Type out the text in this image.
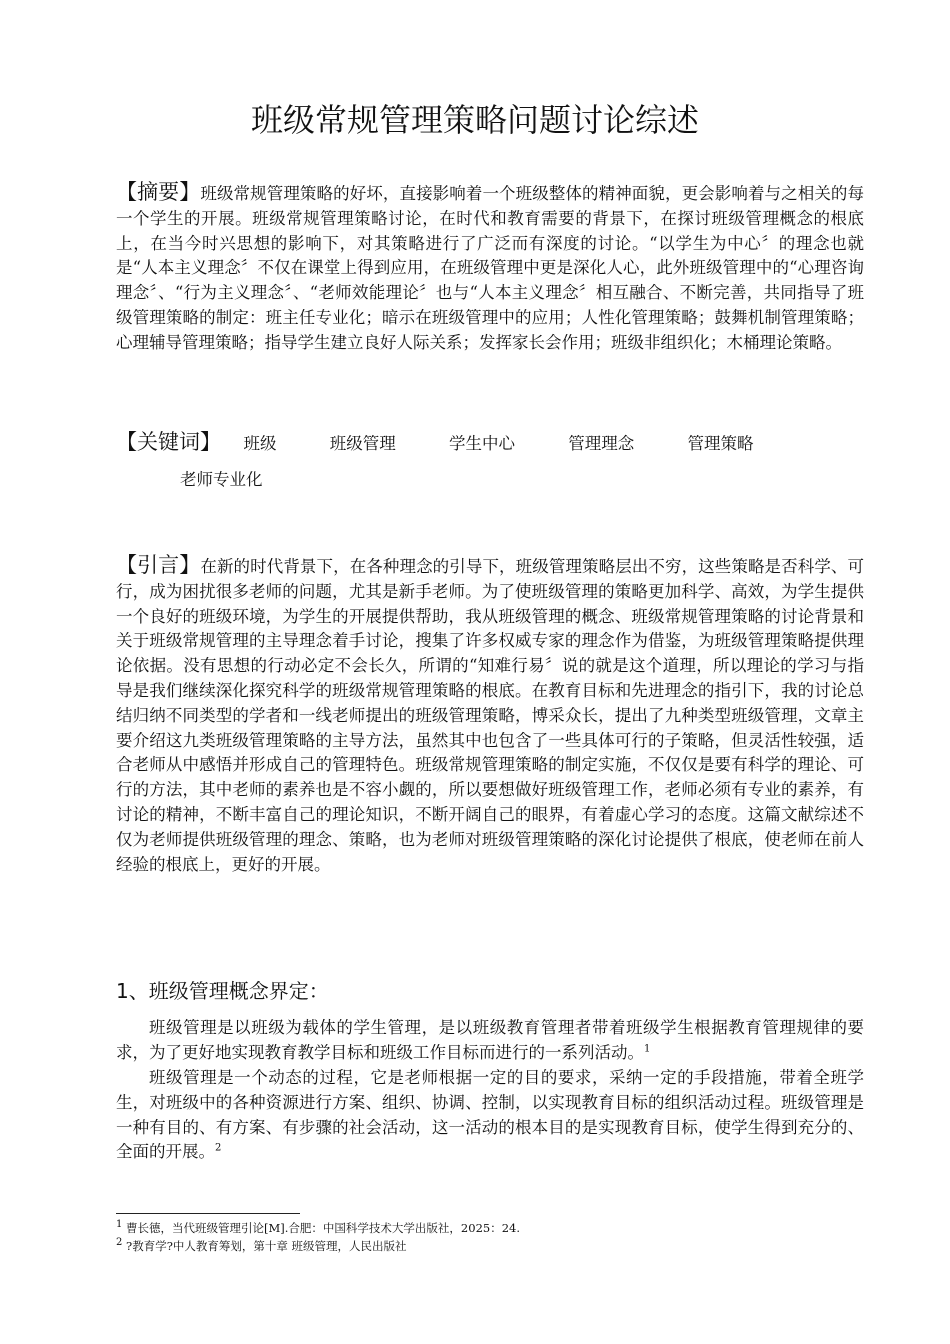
班级常规管理策略问题讨论综述
【摘要】班级常规管理策略的好坏，直接影响着一个班级整体的精神面貌，更会影响着与之相关的每一个学生的开展。班级常规管理策略讨论，在时代和教育需要的背景下，在探讨班级管理概念的根底上，在当今时兴思想的影响下，对其策略进行了广泛而有深度的讨论。“以学生为中心〞的理念也就是“人本主义理念〞不仅在课堂上得到应用，在班级管理中更是深化人心，此外班级管理中的“心理咨询理念〞、“行为主义理念〞、“老师效能理论〞也与“人本主义理念〞相互融合、不断完善，共同指导了班级管理策略的制定：班主任专业化；暗示在班级管理中的应用；人性化管理策略；鼓舞机制管理策略；心理辅导管理策略；指导学生建立良好人际关系；发挥家长会作用；班级非组织化；木桶理论策略。
【关键词】 班级	班级管理	学生中心	管理理念	管理策略
老师专业化
【引言】在新的时代背景下，在各种理念的引导下，班级管理策略层出不穷，这些策略是否科学、可行，成为困扰很多老师的问题，尤其是新手老师。为了使班级管理的策略更加科学、高效，为学生提供一个良好的班级环境，为学生的开展提供帮助，我从班级管理的概念、班级常规管理策略的讨论背景和关于班级常规管理的主导理念着手讨论，搜集了许多权威专家的理念作为借鉴，为班级管理策略提供理论依据。没有思想的行动必定不会长久，所谓的“知难行易〞说的就是这个道理，所以理论的学习与指导是我们继续深化探究科学的班级常规管理策略的根底。在教育目标和先进理念的指引下，我的讨论总结归纳不同类型的学者和一线老师提出的班级管理策略，博采众长，提出了九种类型班级管理，文章主要介绍这九类班级管理策略的主导方法，虽然其中也包含了一些具体可行的子策略，但灵活性较强，适合老师从中感悟并形成自己的管理特色。班级常规管理策略的制定实施，不仅仅是要有科学的理论、可行的方法，其中老师的素养也是不容小觑的，所以要想做好班级管理工作，老师必须有专业的素养，有讨论的精神，不断丰富自己的理论知识，不断开阔自己的眼界，有着虚心学习的态度。这篇文献综述不仅为老师提供班级管理的理念、策略，也为老师对班级管理策略的深化讨论提供了根底，使老师在前人经验的根底上，更好的开展。
1、班级管理概念界定：
班级管理是以班级为载体的学生管理，是以班级教育管理者带着班级学生根据教育管理规律的要求，为了更好地实现教育教学目标和班级工作目标而进行的一系列活动。$^1$
班级管理是一个动态的过程，它是老师根据一定的目的要求，采纳一定的手段措施，带着全班学生，对班级中的各种资源进行方案、组织、协调、控制，以实现教育目标的组织活动过程。班级管理是一种有目的、有方案、有步骤的社会活动，这一活动的根本目的是实现教育目标，使学生得到充分的、全面的开展。$^2$
$^1$ 曹长德，当代班级管理引论[M].合肥：中国科学技术大学出版社，2025：24.
$^2$ ?教育学?中人教育筹划，第十章 班级管理，人民出版社
